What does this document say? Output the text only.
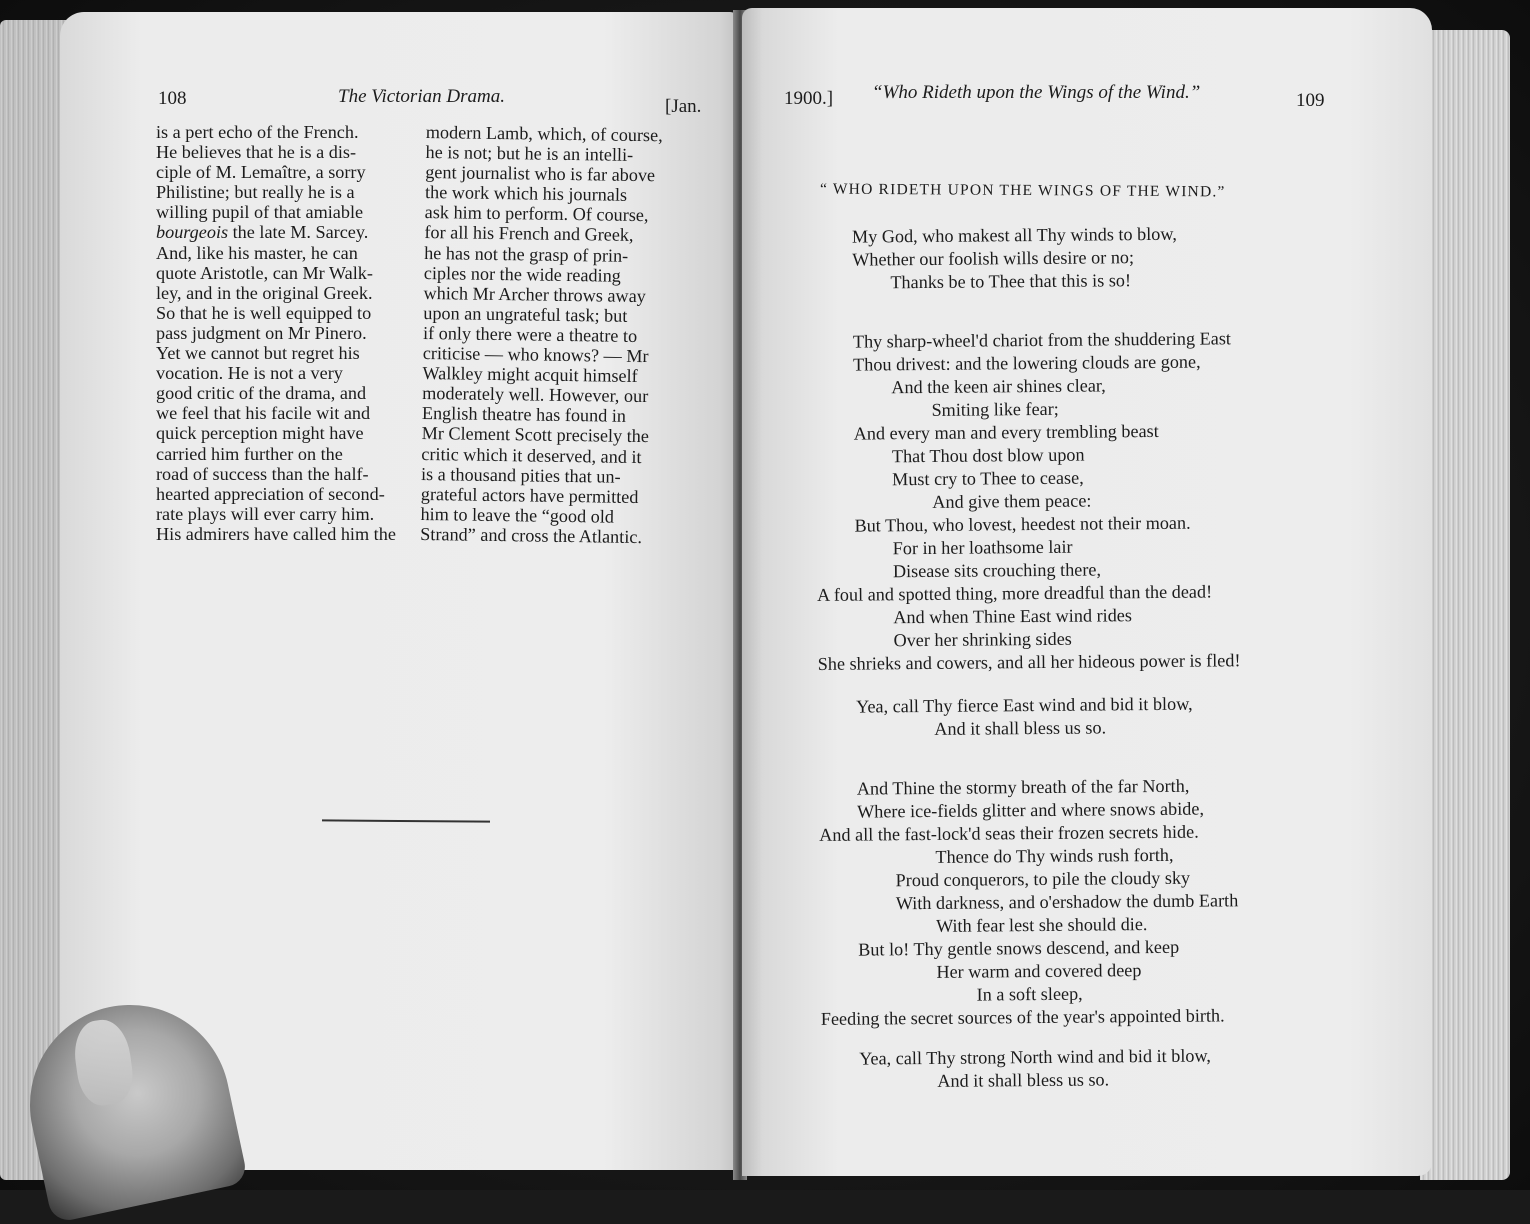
108	The Victorian Drama.	[Jan.
is a pert echo of the French.
He believes that he is a dis-
ciple of M. Lemaître, a sorry
Philistine; but really he is a
willing pupil of that amiable
bourgeois the late M. Sarcey.
And, like his master, he can
quote Aristotle, can Mr Walk-
ley, and in the original Greek.
So that he is well equipped to
pass judgment on Mr Pinero.
Yet we cannot but regret his
vocation. He is not a very
good critic of the drama, and
we feel that his facile wit and
quick perception might have
carried him further on the
road of success than the half-
hearted appreciation of second-
rate plays will ever carry him.
His admirers have called him the
modern Lamb, which, of course,
he is not; but he is an intelli-
gent journalist who is far above
the work which his journals
ask him to perform. Of course,
for all his French and Greek,
he has not the grasp of prin-
ciples nor the wide reading
which Mr Archer throws away
upon an ungrateful task; but
if only there were a theatre to
criticise — who knows? — Mr
Walkley might acquit himself
moderately well. However, our
English theatre has found in
Mr Clement Scott precisely the
critic which it deserved, and it
is a thousand pities that un-
grateful actors have permitted
him to leave the “good old
Strand” and cross the Atlantic.
1900.] “Who Rideth upon the Wings of the Wind.”	109
“ WHO RIDETH UPON THE WINGS OF THE WIND.”
My God, who makest all Thy winds to blow,
Whether our foolish wills desire or no;
Thanks be to Thee that this is so!
Thy sharp-wheel'd chariot from the shuddering East
Thou drivest: and the lowering clouds are gone,
And the keen air shines clear,
Smiting like fear;
And every man and every trembling beast
That Thou dost blow upon
Must cry to Thee to cease,
And give them peace:
But Thou, who lovest, heedest not their moan.
For in her loathsome lair
Disease sits crouching there,
A foul and spotted thing, more dreadful than the dead!
And when Thine East wind rides
Over her shrinking sides
She shrieks and cowers, and all her hideous power is fled!
Yea, call Thy fierce East wind and bid it blow,
And it shall bless us so.
And Thine the stormy breath of the far North,
Where ice-fields glitter and where snows abide,
And all the fast-lock'd seas their frozen secrets hide.
Thence do Thy winds rush forth,
Proud conquerors, to pile the cloudy sky
With darkness, and o'ershadow the dumb Earth
With fear lest she should die.
But lo! Thy gentle snows descend, and keep
Her warm and covered deep
In a soft sleep,
Feeding the secret sources of the year's appointed birth.
Yea, call Thy strong North wind and bid it blow,
And it shall bless us so.
